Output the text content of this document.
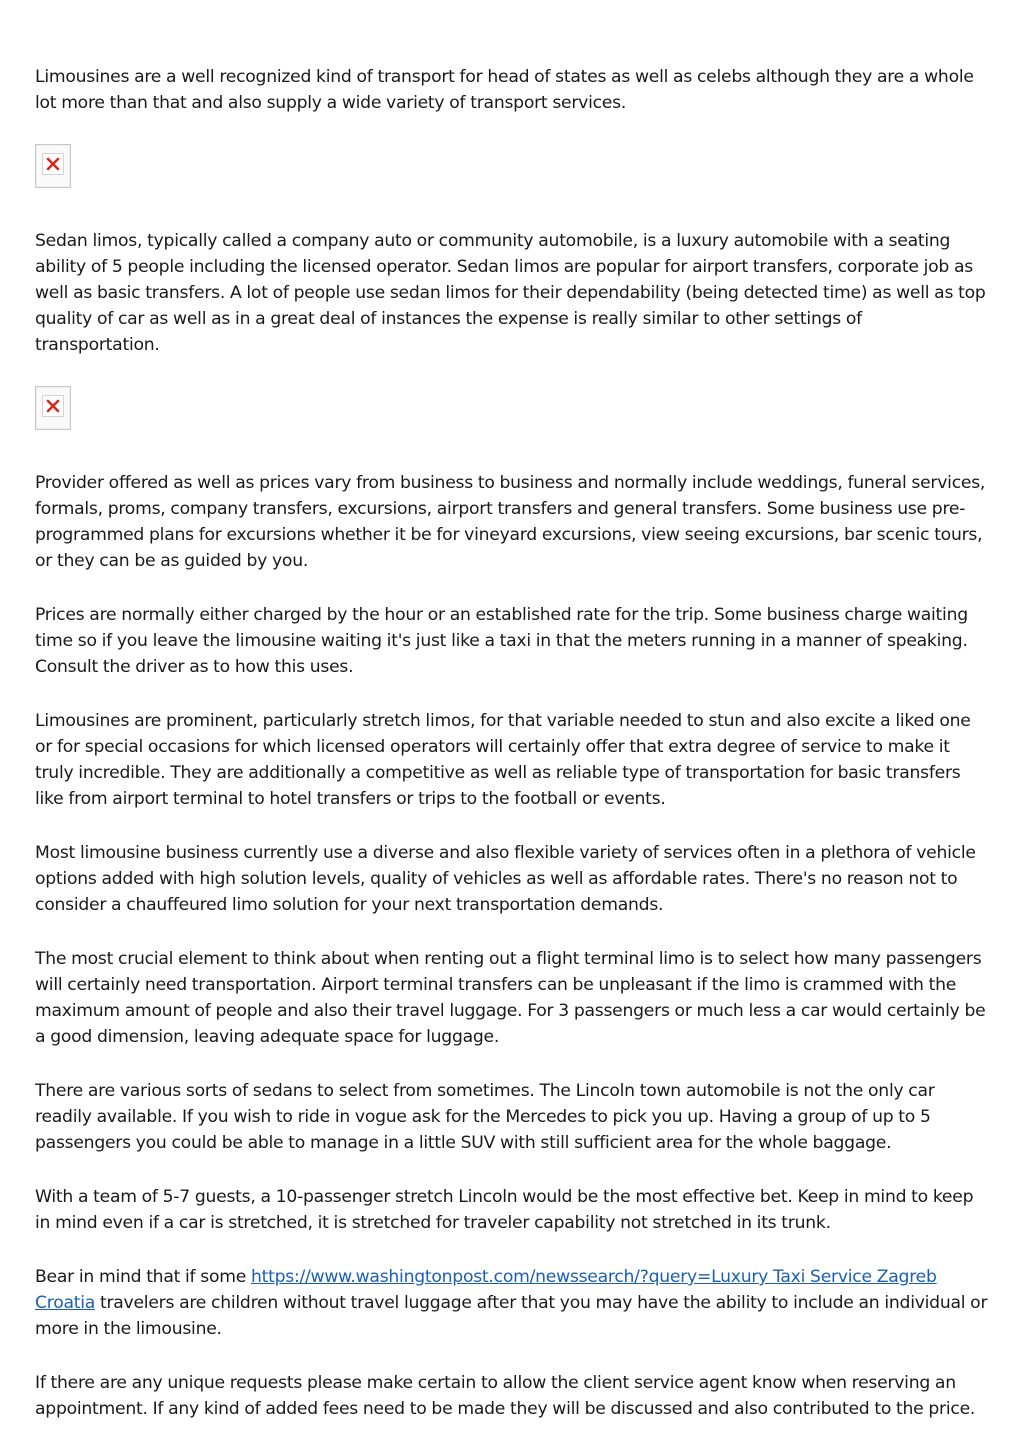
Limousines are a well recognized kind of transport for head of states as well as celebs although they are a whole lot more than that and also supply a wide variety of transport services.

Sedan limos, typically called a company auto or community automobile, is a luxury automobile with a seating ability of 5 people including the licensed operator. Sedan limos are popular for airport transfers, corporate job as well as basic transfers. A lot of people use sedan limos for their dependability (being detected time) as well as top quality of car as well as in a great deal of instances the expense is really similar to other settings of transportation.

Provider offered as well as prices vary from business to business and normally include weddings, funeral services, formals, proms, company transfers, excursions, airport transfers and general transfers. Some business use pre-programmed plans for excursions whether it be for vineyard excursions, view seeing excursions, bar scenic tours, or they can be as guided by you.

Prices are normally either charged by the hour or an established rate for the trip. Some business charge waiting time so if you leave the limousine waiting it's just like a taxi in that the meters running in a manner of speaking. Consult the driver as to how this uses.

Limousines are prominent, particularly stretch limos, for that variable needed to stun and also excite a liked one or for special occasions for which licensed operators will certainly offer that extra degree of service to make it truly incredible. They are additionally a competitive as well as reliable type of transportation for basic transfers like from airport terminal to hotel transfers or trips to the football or events.

Most limousine business currently use a diverse and also flexible variety of services often in a plethora of vehicle options added with high solution levels, quality of vehicles as well as affordable rates. There's no reason not to consider a chauffeured limo solution for your next transportation demands.

The most crucial element to think about when renting out a flight terminal limo is to select how many passengers will certainly need transportation. Airport terminal transfers can be unpleasant if the limo is crammed with the maximum amount of people and also their travel luggage. For 3 passengers or much less a car would certainly be a good dimension, leaving adequate space for luggage.

There are various sorts of sedans to select from sometimes. The Lincoln town automobile is not the only car readily available. If you wish to ride in vogue ask for the Mercedes to pick you up. Having a group of up to 5 passengers you could be able to manage in a little SUV with still sufficient area for the whole baggage.

With a team of 5-7 guests, a 10-passenger stretch Lincoln would be the most effective bet. Keep in mind to keep in mind even if a car is stretched, it is stretched for traveler capability not stretched in its trunk.

Bear in mind that if some https://www.washingtonpost.com/newssearch/?query=Luxury Taxi Service Zagreb Croatia travelers are children without travel luggage after that you may have the ability to include an individual or more in the limousine.

If there are any unique requests please make certain to allow the client service agent know when reserving an appointment. If any kind of added fees need to be made they will be discussed and also contributed to the price.
